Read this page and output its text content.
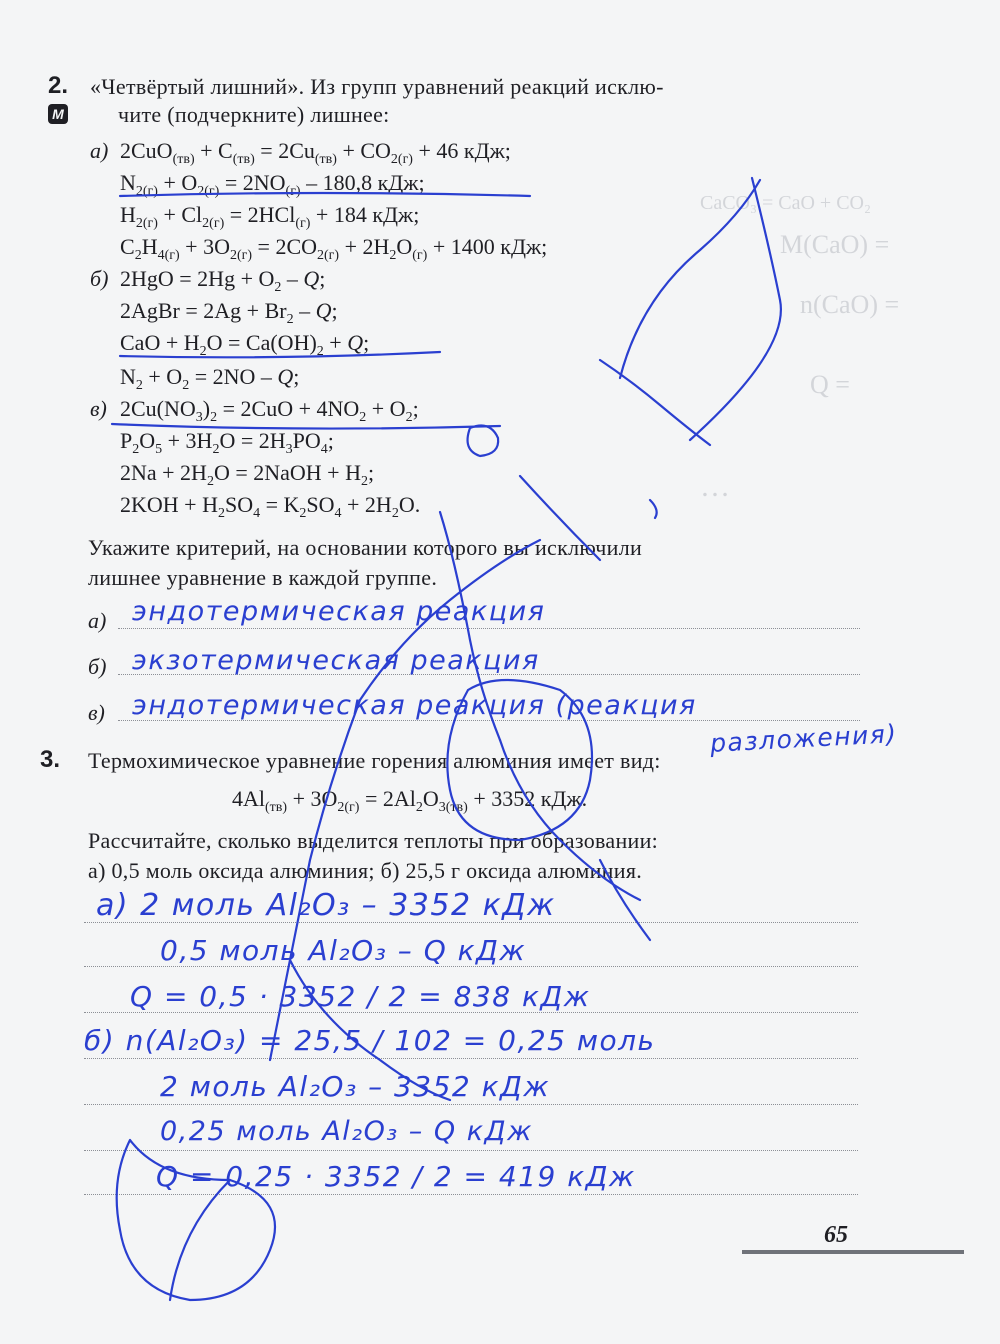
CaCO₃ = CaO + CO₂
M(CaO) =
n(CaO) =
Q =
…
2.
M
«Четвёртый лишний». Из групп уравнений реакций исклю-
чите (подчеркните) лишнее:
а) $2CuO_{(тв)} + C_{(тв)} = 2Cu_{(тв)} + CO_{2(г)} + 46$ кДж;
$N_{2(г)} + O_{2(г)} = 2NO_{(г)} - 180,8$ кДж;
$H_{2(г)} + Cl_{2(г)} = 2HCl_{(г)} + 184$ кДж;
$C_2H_{4(г)} + 3O_{2(г)} = 2CO_{2(г)} + 2H_2O_{(г)} + 1400$ кДж;
б) $2HgO = 2Hg + O_2 - Q$;
2AgBr = $2Ag + Br_2 - Q$;
CaO + $H_2O = Ca(OH)_2 + Q$;
$N_2 + O_2 = 2NO - Q$;
в) $2Cu(NO_3)_2 = 2CuO + 4NO_2 + O_2$;
$P_2O_5 + 3H_2O = 2H_3PO_4$;
$2Na + 2H_2O$ = 2NaOH + $H_2$;
$2KOH + H_2SO_4 = K_2SO_4 + 2H_2O$.
Укажите критерий, на основании которого вы исключили
лишнее уравнение в каждой группе.
а) эндотермическая реакция
б) экзотермическая реакция
в) эндотермическая реакция (реакция
разложения)
3. Термохимическое уравнение горения алюминия имеет вид:
$4Al_{(тв)} + 3O_{2(г)} = 2Al_2O_{3(тв)} + 3352$ кДж.
Рассчитайте, сколько выделится теплоты при образовании:
а) 0,5 моль оксида алюминия; б) 25,5 г оксида алюминия.
а) 2 моль Al₂O₃ – 3352 кДж
0,5 моль Al₂O₃ – Q кДж
Q = 0,5 · 3352 / 2 = 838 кДж
б) n(Al₂O₃) = 25,5 / 102 = 0,25 моль
2 моль Al₂O₃ – 3352 кДж
0,25 моль Al₂O₃ – Q кДж
Q = 0,25 · 3352 / 2 = 419 кДж
65
